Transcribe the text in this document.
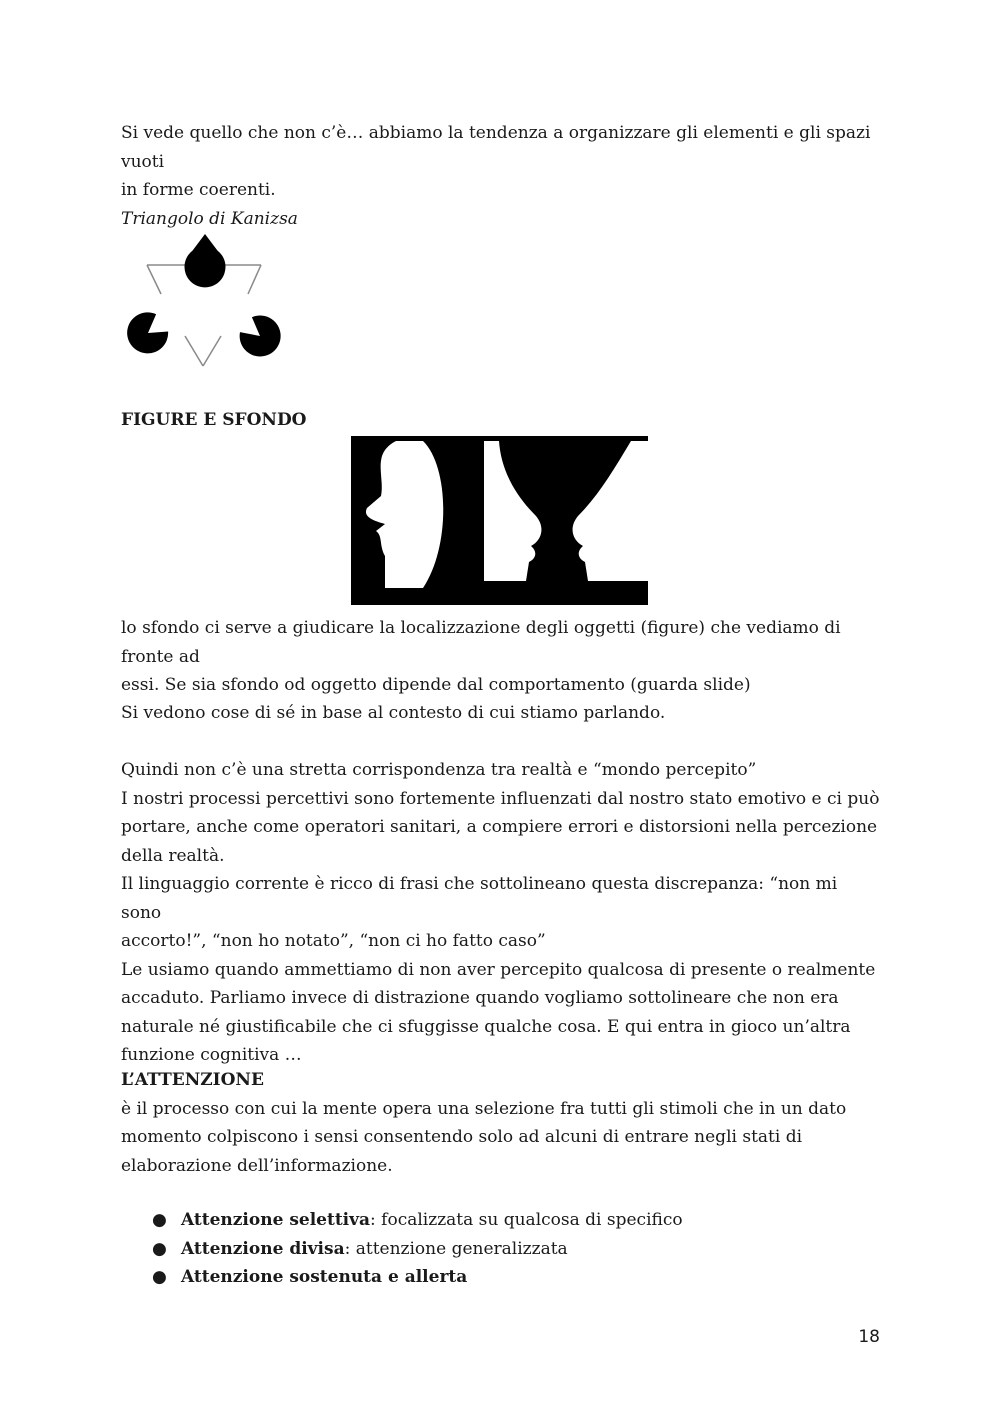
Si vede quello che non c’è… abbiamo la tendenza a organizzare gli elementi e gli spazi vuoti
in forme coerenti.
Triangolo di Kanizsa

FIGURE E SFONDO

lo sfondo ci serve a giudicare la localizzazione degli oggetti (figure) che vediamo di fronte ad
essi. Se sia sfondo od oggetto dipende dal comportamento (guarda slide)

Si vedono cose di sé in base al contesto di cui stiamo parlando.

Quindi non c’è una stretta corrispondenza tra realtà e “mondo percepito”
I nostri processi percettivi sono fortemente influenzati dal nostro stato emotivo e ci può
portare, anche come operatori sanitari, a compiere errori e distorsioni nella percezione
della realtà.
Il linguaggio corrente è ricco di frasi che sottolineano questa discrepanza: “non mi sono
accorto!”, “non ho notato”, “non ci ho fatto caso”
Le usiamo quando ammettiamo di non aver percepito qualcosa di presente o realmente
accaduto. Parliamo invece di distrazione quando vogliamo sottolineare che non era
naturale né giustificabile che ci sfuggisse qualche cosa. E qui entra in gioco un’altra
funzione cognitiva …

L’ATTENZIONE
è il processo con cui la mente opera una selezione fra tutti gli stimoli che in un dato
momento colpiscono i sensi consentendo solo ad alcuni di entrare negli stati di
elaborazione dell’informazione.

● Attenzione selettiva: focalizzata su qualcosa di specifico
● Attenzione divisa: attenzione generalizzata
● Attenzione sostenuta e allerta
18
